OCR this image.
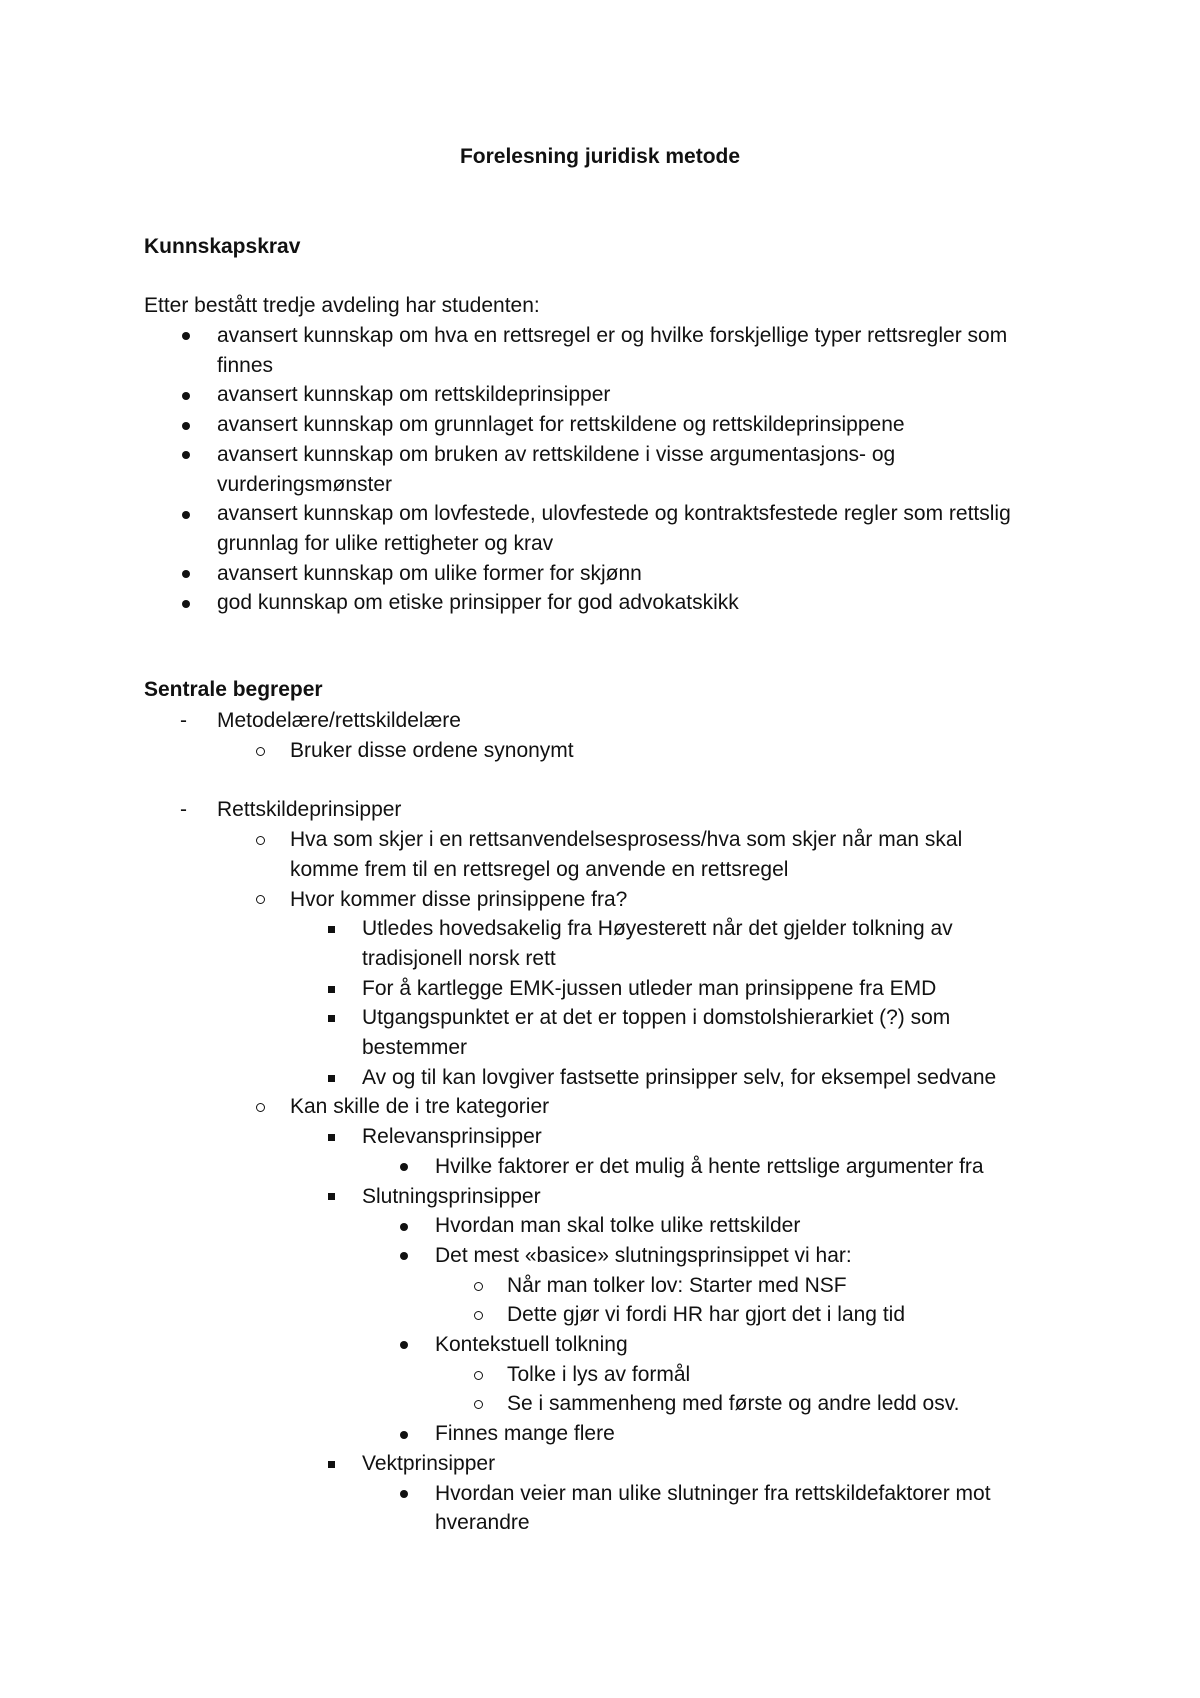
Forelesning juridisk metode
Kunnskapskrav
Etter bestått tredje avdeling har studenten:
avansert kunnskap om hva en rettsregel er og hvilke forskjellige typer rettsregler som
finnes
avansert kunnskap om rettskildeprinsipper
avansert kunnskap om grunnlaget for rettskildene og rettskildeprinsippene
avansert kunnskap om bruken av rettskildene i visse argumentasjons- og
vurderingsmønster
avansert kunnskap om lovfestede, ulovfestede og kontraktsfestede regler som rettslig
grunnlag for ulike rettigheter og krav
avansert kunnskap om ulike former for skjønn
god kunnskap om etiske prinsipper for god advokatskikk
Sentrale begreper
- Metodelære/rettskildelære
Bruker disse ordene synonymt
- Rettskildeprinsipper
Hva som skjer i en rettsanvendelsesprosess/hva som skjer når man skal
komme frem til en rettsregel og anvende en rettsregel
Hvor kommer disse prinsippene fra?
Utledes hovedsakelig fra Høyesterett når det gjelder tolkning av
tradisjonell norsk rett
For å kartlegge EMK-jussen utleder man prinsippene fra EMD
Utgangspunktet er at det er toppen i domstolshierarkiet (?) som
bestemmer
Av og til kan lovgiver fastsette prinsipper selv, for eksempel sedvane
Kan skille de i tre kategorier
Relevansprinsipper
Hvilke faktorer er det mulig å hente rettslige argumenter fra
Slutningsprinsipper
Hvordan man skal tolke ulike rettskilder
Det mest «basice» slutningsprinsippet vi har:
Når man tolker lov: Starter med NSF
Dette gjør vi fordi HR har gjort det i lang tid
Kontekstuell tolkning
Tolke i lys av formål
Se i sammenheng med første og andre ledd osv.
Finnes mange flere
Vektprinsipper
Hvordan veier man ulike slutninger fra rettskildefaktorer mot
hverandre
